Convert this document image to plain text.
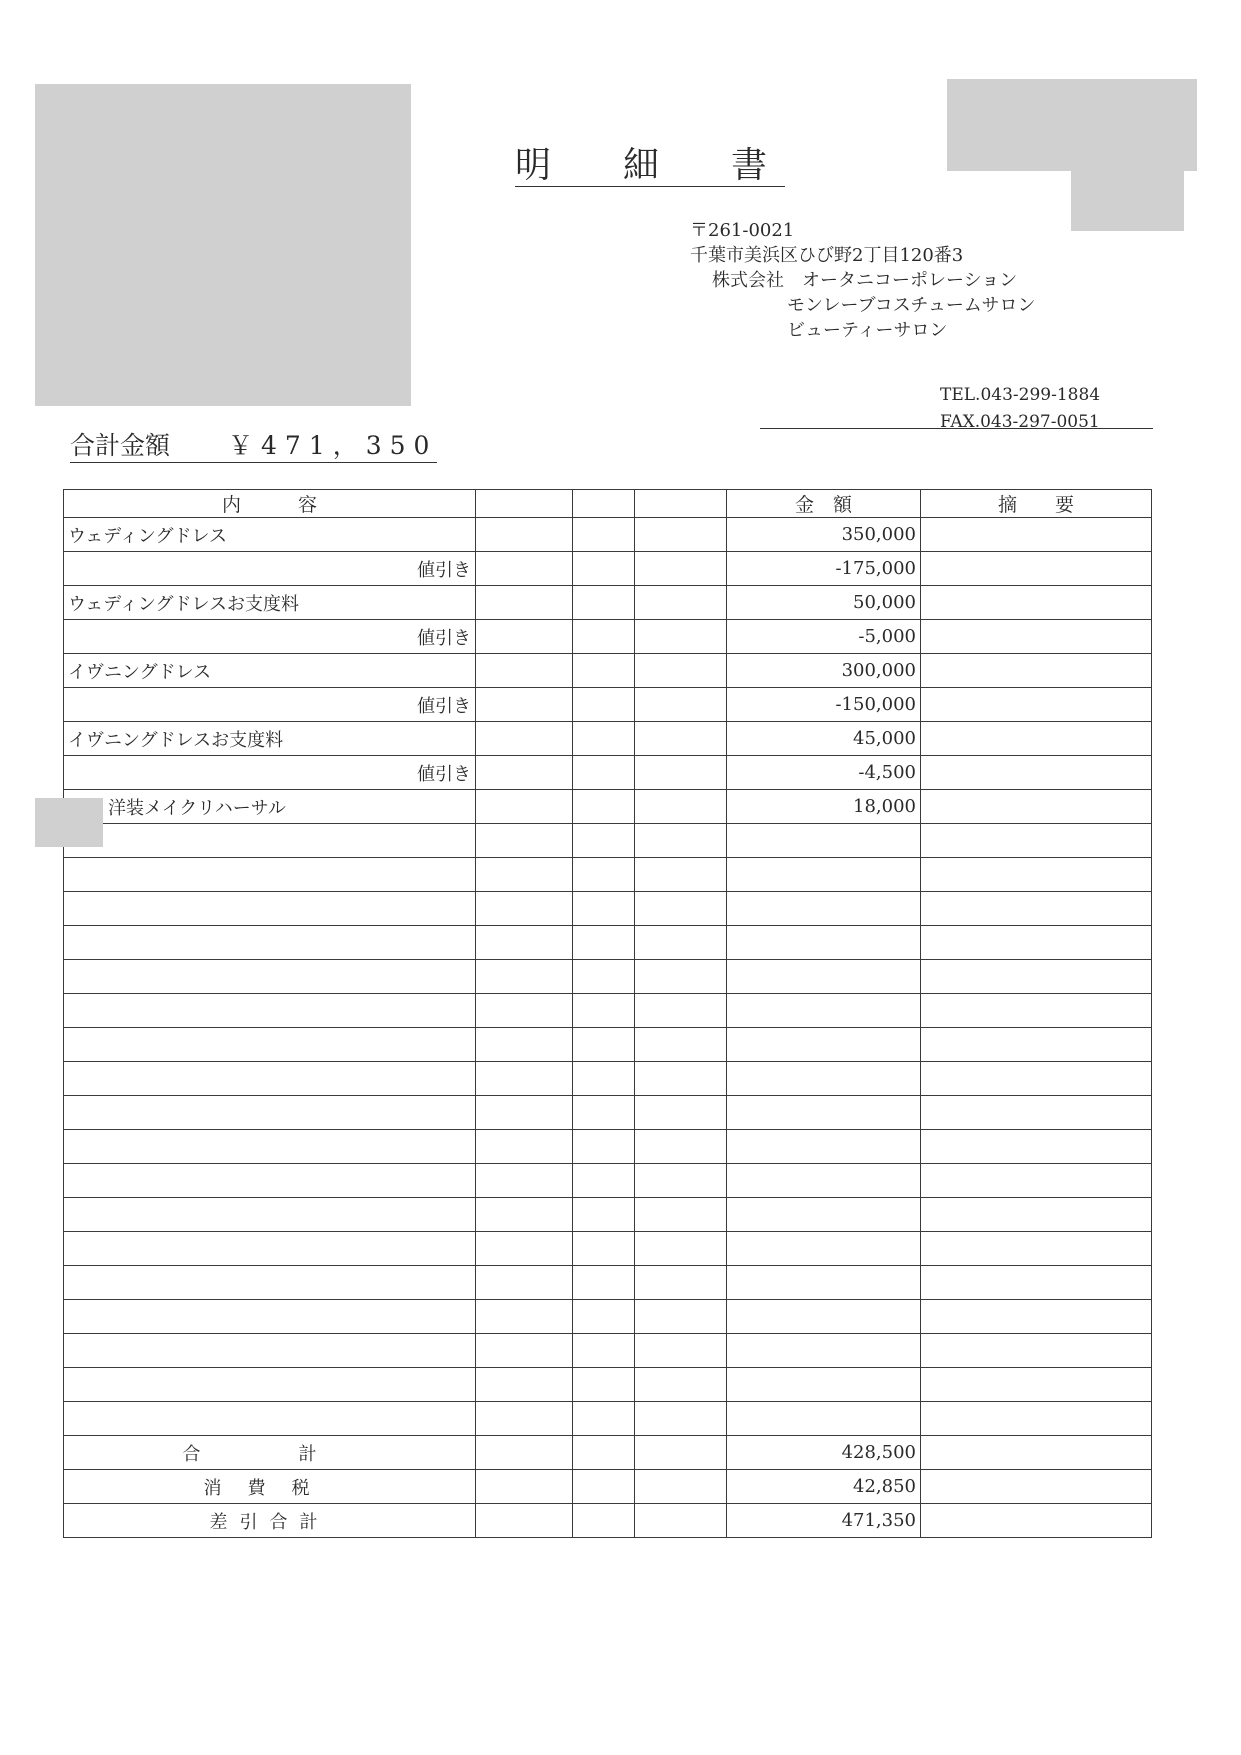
明　細　書
〒261-0021
千葉市美浜区ひび野2丁目120番3
株式会社　オータニコーポレーション
モンレーブコスチュームサロン
ビューティーサロン
TEL.043-299-1884
FAX.043-297-0051
合計金額 ￥471，350
内　　　容				金　額	摘　　要
ウェディングドレス				350,000	
値引き				-175,000	
ウェディングドレスお支度料				50,000	
値引き				-5,000	
イヴニングドレス				300,000	
値引き				-150,000	
イヴニングドレスお支度料				45,000	
値引き				-4,500	
洋装メイクリハーサル				18,000	

合　計				428,500	
消費税				42,850	
差引合計				471,350	
